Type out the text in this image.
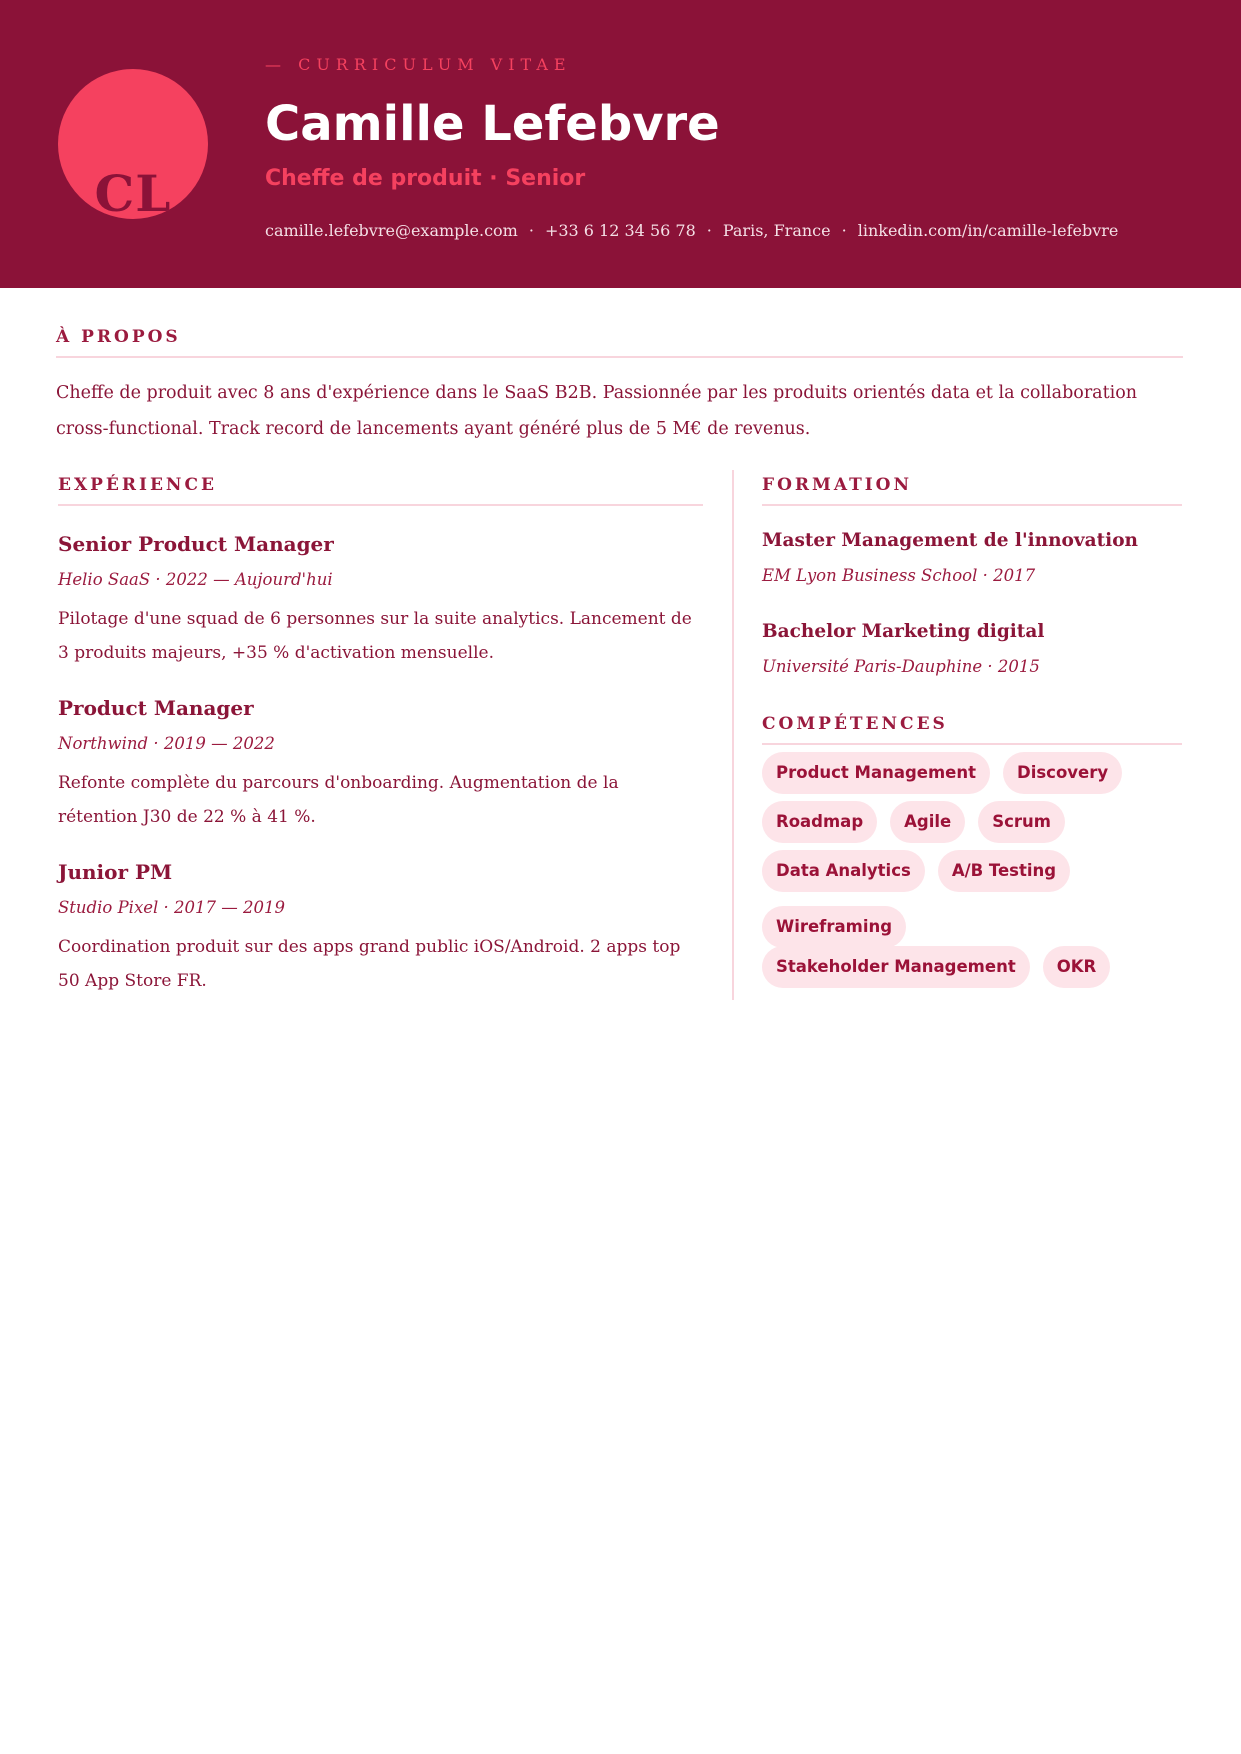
CL
— CURRICULUM VITAE
Camille Lefebvre
Cheffe de produit · Senior
camille.lefebvre@example.com · +33 6 12 34 56 78 · Paris, France · linkedin.com/in/camille-lefebvre
À PROPOS

Cheffe de produit avec 8 ans d'expérience dans le SaaS B2B. Passionnée par les produits orientés data et la collaboration cross-functional. Track record de lancements ayant généré plus de 5 M€ de revenus.

EXPÉRIENCE
Senior Product Manager
Helio SaaS · 2022 — Aujourd'hui

Pilotage d'une squad de 6 personnes sur la suite analytics. Lancement de 3 produits majeurs, +35 % d'activation mensuelle.

Product Manager
Northwind · 2019 — 2022

Refonte complète du parcours d'onboarding. Augmentation de la rétention J30 de 22 % à 41 %.

Junior PM
Studio Pixel · 2017 — 2019

Coordination produit sur des apps grand public iOS/Android. 2 apps top 50 App Store FR.

FORMATION
Master Management de l'innovation
EM Lyon Business School · 2017
Bachelor Marketing digital
Université Paris-Dauphine · 2015
COMPÉTENCES
Product Management	Discovery
Roadmap	Agile	Scrum
Data Analytics	A/B Testing
Wireframing
Stakeholder Management	OKR
